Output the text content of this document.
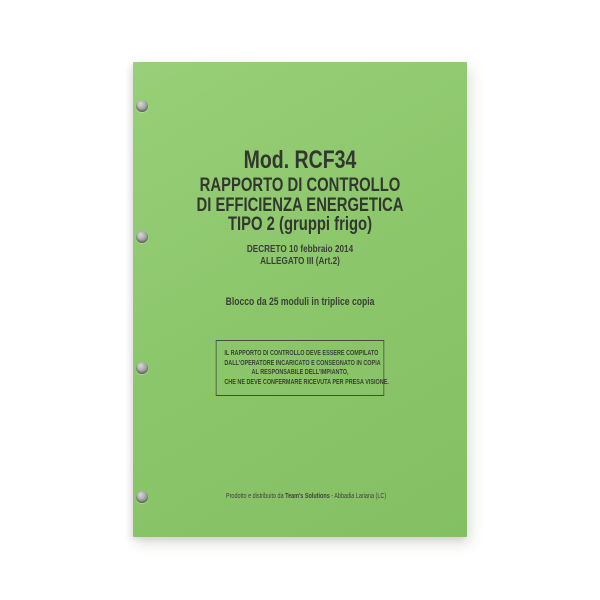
Mod. RCF34
RAPPORTO DI CONTROLLO
DI EFFICIENZA ENERGETICA
TIPO 2 (gruppi frigo)
DECRETO 10 febbraio 2014
ALLEGATO III (Art.2)
Blocco da 25 moduli in triplice copia
IL RAPPORTO DI CONTROLLO DEVE ESSERE COMPILATO
DALL'OPERATORE INCARICATO E CONSEGNATO IN COPIA
AL RESPONSABILE DELL'IMPIANTO,
CHE NE DEVE CONFERMARE RICEVUTA PER PRESA VISIONE.

Prodotto e distribuito da Team's Solutions - Abbadia Lariana (LC)
